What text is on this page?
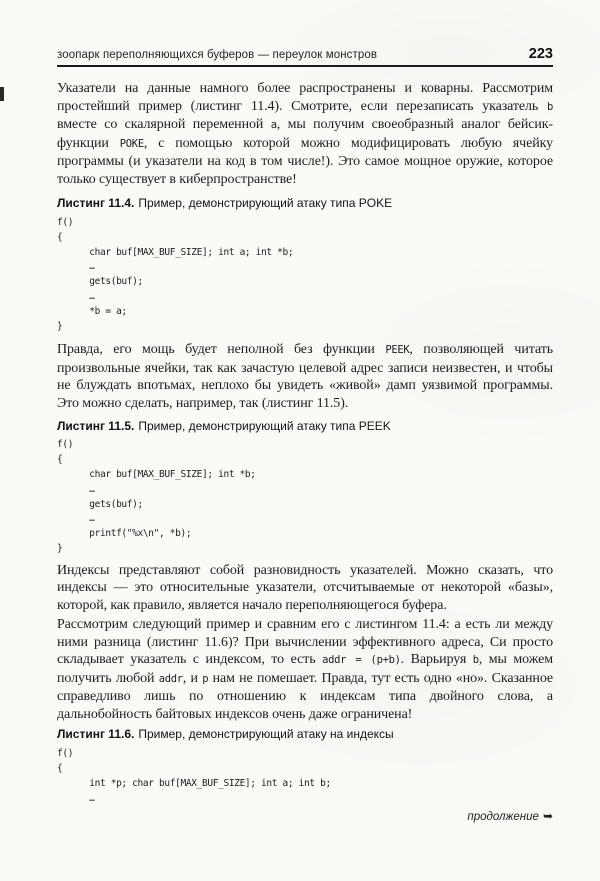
зоопарк переполняющихся буферов — переулок монстров	223
Указатели на данные намного более распространены и коварны. Рассмотрим простейший пример (листинг 11.4). Смотрите, если перезаписать указатель b вместе со скалярной переменной a, мы получим своеобразный аналог бейсик-функции POKE, с помощью которой можно модифицировать любую ячейку программы (и указатели на код в том числе!). Это самое мощное оружие, которое только существует в киберпространстве!
Листинг 11.4. Пример, демонстрирующий атаку типа POKE
f()
{
char buf[MAX_BUF_SIZE]; int a; int *b;
…
gets(buf);
…
*b = a;
}
Правда, его мощь будет неполной без функции PEEK, позволяющей читать произвольные ячейки, так как зачастую целевой адрес записи неизвестен, и чтобы не блуждать впотьмах, неплохо бы увидеть «живой» дамп уязвимой программы. Это можно сделать, например, так (листинг 11.5).
Листинг 11.5. Пример, демонстрирующий атаку типа PEEK
f()
{
char buf[MAX_BUF_SIZE]; int *b;
…
gets(buf);
…
printf("%x\n", *b);
}
Индексы представляют собой разновидность указателей. Можно сказать, что индексы — это относительные указатели, отсчитываемые от некоторой «базы», которой, как правило, является начало переполняющегося буфера.
Рассмотрим следующий пример и сравним его с листингом 11.4: а есть ли между ними разница (листинг 11.6)? При вычислении эффективного адреса, Си просто складывает указатель с индексом, то есть addr = (p+b). Варьируя b, мы можем получить любой addr, и p нам не помешает. Правда, тут есть одно «но». Сказанное справедливо лишь по отношению к индексам типа двойного слова, а дальнобойность байтовых индексов очень даже ограничена!
Листинг 11.6. Пример, демонстрирующий атаку на индексы
f()
{
int *p; char buf[MAX_BUF_SIZE]; int a; int b;
…
продолжение ➥
